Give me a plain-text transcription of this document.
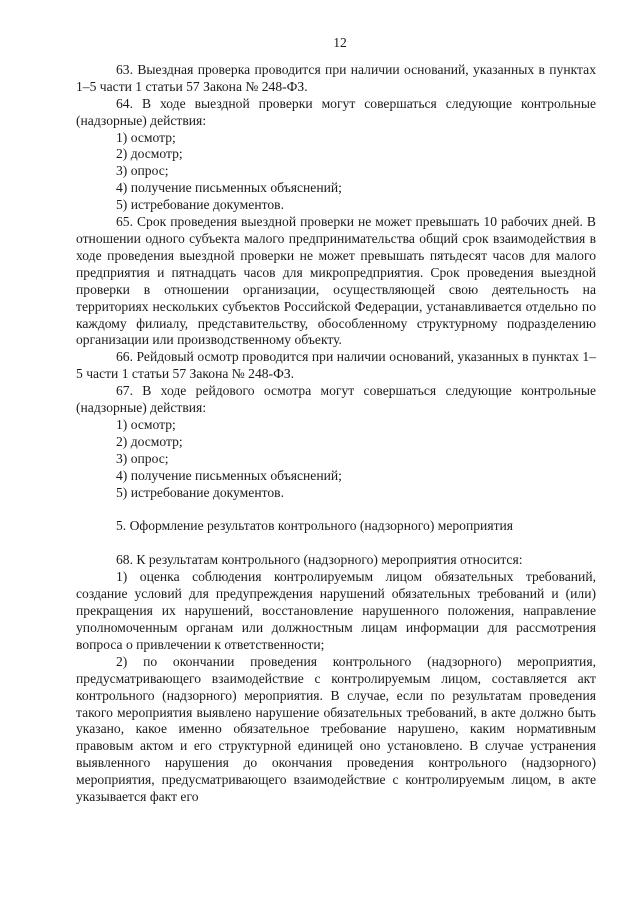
12

63. Выездная проверка проводится при наличии оснований, указанных в пунктах 1–5 части 1 статьи 57 Закона № 248-ФЗ.

64. В ходе выездной проверки могут совершаться следующие контрольные (надзорные) действия:

1) осмотр;

2) досмотр;

3) опрос;

4) получение письменных объяснений;

5) истребование документов.

65. Срок проведения выездной проверки не может превышать 10 рабочих дней. В отношении одного субъекта малого предпринимательства общий срок взаимодействия в ходе проведения выездной проверки не может превышать пятьдесят часов для малого предприятия и пятнадцать часов для микропредприятия. Срок проведения выездной проверки в отношении организации, осуществляющей свою деятельность на территориях нескольких субъектов Российской Федерации, устанавливается отдельно по каждому филиалу, представительству, обособленному структурному подразделению организации или производственному объекту.

66. Рейдовый осмотр проводится при наличии оснований, указанных в пунктах 1–5 части 1 статьи 57 Закона № 248-ФЗ.

67. В ходе рейдового осмотра могут совершаться следующие контрольные (надзорные) действия:

1) осмотр;

2) досмотр;

3) опрос;

4) получение письменных объяснений;

5) истребование документов.

5. Оформление результатов контрольного (надзорного) мероприятия

68. К результатам контрольного (надзорного) мероприятия относится:

1) оценка соблюдения контролируемым лицом обязательных требований, создание условий для предупреждения нарушений обязательных требований и (или) прекращения их нарушений, восстановление нарушенного положения, направление уполномоченным органам или должностным лицам информации для рассмотрения вопроса о привлечении к ответственности;

2) по окончании проведения контрольного (надзорного) мероприятия, предусматривающего взаимодействие с контролируемым лицом, составляется акт контрольного (надзорного) мероприятия. В случае, если по результатам проведения такого мероприятия выявлено нарушение обязательных требований, в акте должно быть указано, какое именно обязательное требование нарушено, каким нормативным правовым актом и его структурной единицей оно установлено. В случае устранения выявленного нарушения до окончания проведения контрольного (надзорного) мероприятия, предусматривающего взаимодействие с контролируемым лицом, в акте указывается факт его
